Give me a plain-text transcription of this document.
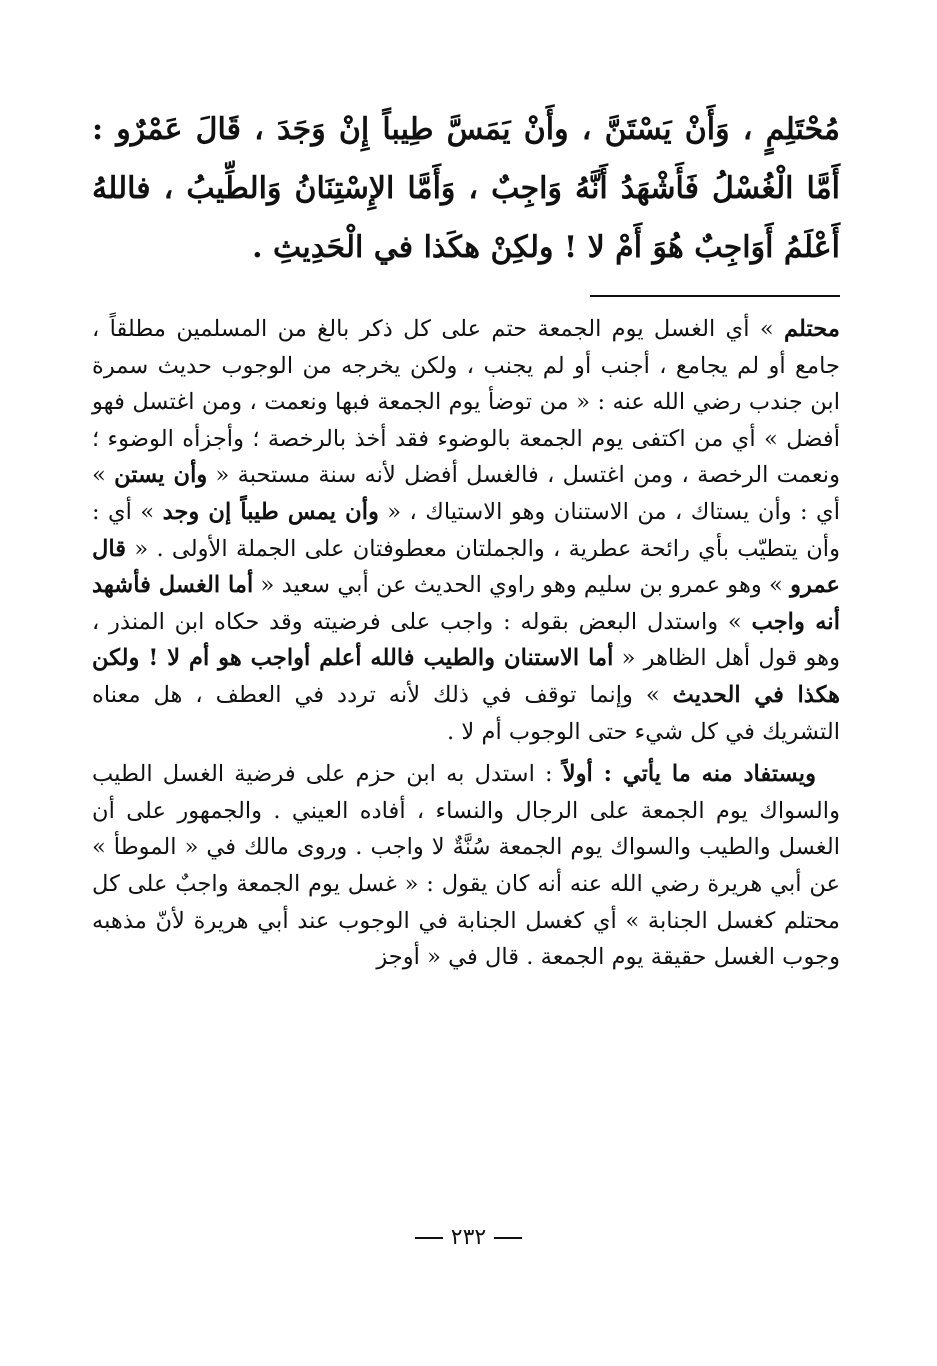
مُحْتَلِمٍ ، وَأَنْ يَسْتَنَّ ، وأَنْ يَمَسَّ طِيباً إِنْ وَجَدَ ، قَالَ عَمْرٌو : أَمَّا الْغُسْلُ فَأَشْهَدُ أَنَّهُ وَاجِبٌ ، وَأَمَّا الإِسْتِنَانُ وَالطِّيبُ ، فاللهُ أَعْلَمُ أَوَاجِبٌ هُوَ أَمْ لا ! ولكِنْ هكَذا في الْحَدِيثِ .

محتلم » أي الغسل يوم الجمعة حتم على كل ذكر بالغ من المسلمين مطلقاً ، جامع أو لم يجامع ، أجنب أو لم يجنب ، ولكن يخرجه من الوجوب حديث سمرة ابن جندب رضي الله عنه : « من توضأ يوم الجمعة فبها ونعمت ، ومن اغتسل فهو أفضل » أي من اكتفى يوم الجمعة بالوضوء فقد أخذ بالرخصة ؛ وأجزأه الوضوء ؛ ونعمت الرخصة ، ومن اغتسل ، فالغسل أفضل لأنه سنة مستحبة « وأن يستن » أي : وأن يستاك ، من الاستنان وهو الاستياك ، « وأن يمس طيباً إن وجد » أي : وأن يتطيّب بأي رائحة عطرية ، والجملتان معطوفتان على الجملة الأولى . « قال عمرو » وهو عمرو بن سليم وهو راوي الحديث عن أبي سعيد « أما الغسل فأشهد أنه واجب » واستدل البعض بقوله : واجب على فرضيته وقد حكاه ابن المنذر ، وهو قول أهل الظاهر « أما الاستنان والطيب فالله أعلم أواجب هو أم لا ! ولكن هكذا في الحديث » وإنما توقف في ذلك لأنه تردد في العطف ، هل معناه التشريك في كل شيء حتى الوجوب أم لا .

ويستفاد منه ما يأتي : أولاً : استدل به ابن حزم على فرضية الغسل الطيب والسواك يوم الجمعة على الرجال والنساء ، أفاده العيني . والجمهور على أن الغسل والطيب والسواك يوم الجمعة سُنَّةٌ لا واجب . وروى مالك في « الموطأ » عن أبي هريرة رضي الله عنه أنه كان يقول : « غسل يوم الجمعة واجبٌ على كل محتلم كغسل الجنابة » أي كغسل الجنابة في الوجوب عند أبي هريرة لأنّ مذهبه وجوب الغسل حقيقة يوم الجمعة . قال في « أوجز

٢٣٢
